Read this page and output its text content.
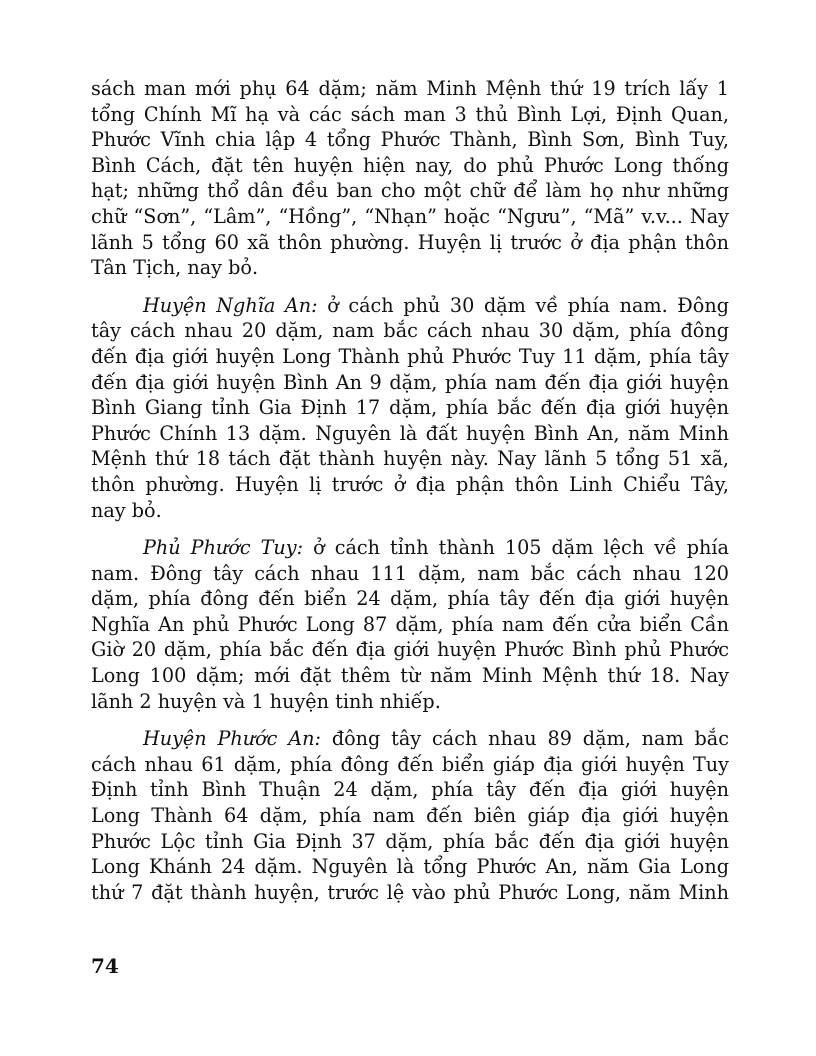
sách man mới phụ 64 dặm; năm Minh Mệnh thứ 19 trích lấy 1
tổng Chính Mĩ hạ và các sách man 3 thủ Bình Lợi, Định Quan,
Phước Vĩnh chia lập 4 tổng Phước Thành, Bình Sơn, Bình Tuy,
Bình Cách, đặt tên huyện hiện nay, do phủ Phước Long thống
hạt; những thổ dân đều ban cho một chữ để làm họ như những
chữ “Sơn”, “Lâm”, “Hồng”, “Nhạn” hoặc “Ngưu”, “Mã” v.v... Nay
lãnh 5 tổng 60 xã thôn phường. Huyện lị trước ở địa phận thôn
Tân Tịch, nay bỏ.

Huyện Nghĩa An: ở cách phủ 30 dặm về phía nam. Đông
tây cách nhau 20 dặm, nam bắc cách nhau 30 dặm, phía đông
đến địa giới huyện Long Thành phủ Phước Tuy 11 dặm, phía tây
đến địa giới huyện Bình An 9 dặm, phía nam đến địa giới huyện
Bình Giang tỉnh Gia Định 17 dặm, phía bắc đến địa giới huyện
Phước Chính 13 dặm. Nguyên là đất huyện Bình An, năm Minh
Mệnh thứ 18 tách đặt thành huyện này. Nay lãnh 5 tổng 51 xã,
thôn phường. Huyện lị trước ở địa phận thôn Linh Chiểu Tây,
nay bỏ.

Phủ Phước Tuy: ở cách tỉnh thành 105 dặm lệch về phía
nam. Đông tây cách nhau 111 dặm, nam bắc cách nhau 120
dặm, phía đông đến biển 24 dặm, phía tây đến địa giới huyện
Nghĩa An phủ Phước Long 87 dặm, phía nam đến cửa biển Cần
Giờ 20 dặm, phía bắc đến địa giới huyện Phước Bình phủ Phước
Long 100 dặm; mới đặt thêm từ năm Minh Mệnh thứ 18. Nay
lãnh 2 huyện và 1 huyện tinh nhiếp.

Huyện Phước An: đông tây cách nhau 89 dặm, nam bắc
cách nhau 61 dặm, phía đông đến biển giáp địa giới huyện Tuy
Định tỉnh Bình Thuận 24 dặm, phía tây đến địa giới huyện
Long Thành 64 dặm, phía nam đến biên giáp địa giới huyện
Phước Lộc tỉnh Gia Định 37 dặm, phía bắc đến địa giới huyện
Long Khánh 24 dặm. Nguyên là tổng Phước An, năm Gia Long
thứ 7 đặt thành huyện, trước lệ vào phủ Phước Long, năm Minh

74
